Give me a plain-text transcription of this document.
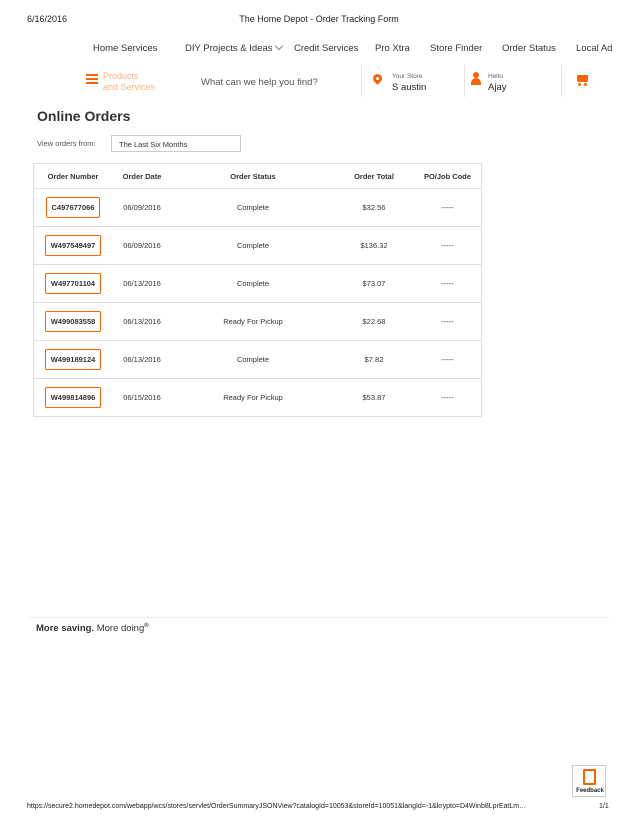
6/16/2016	The Home Depot - Order Tracking Form
Home Services	DIY Projects & Ideas	Credit Services Pro Xtra Store Finder Order Status Local Ad
Products
and Services	What can we help you find?
Your Store
S austin
Hello
Ajay
Online Orders
View orders from:	The Last Six Months
Order Number	Order Date	Order Status	Order Total	PO/Job Code
C497677066	06/09/2016	Complete	$32.56	-----
W497549497	06/09/2016	Complete	$136.32	-----
W497701104	06/13/2016	Complete	$73.07	-----
W499083558	06/13/2016	Ready For Pickup	$22.68	-----
W499189124	06/13/2016	Complete	$7.82	-----
W499814896	06/15/2016	Ready For Pickup	$53.87	-----
More saving. More doing®
Feedback
https://secure2.homedepot.com/webapp/wcs/stores/servlet/OrderSummaryJSONView?catalogId=10053&storeId=10051&langId=-1&krypto=D4Winb8LprEatLm…	1/1
